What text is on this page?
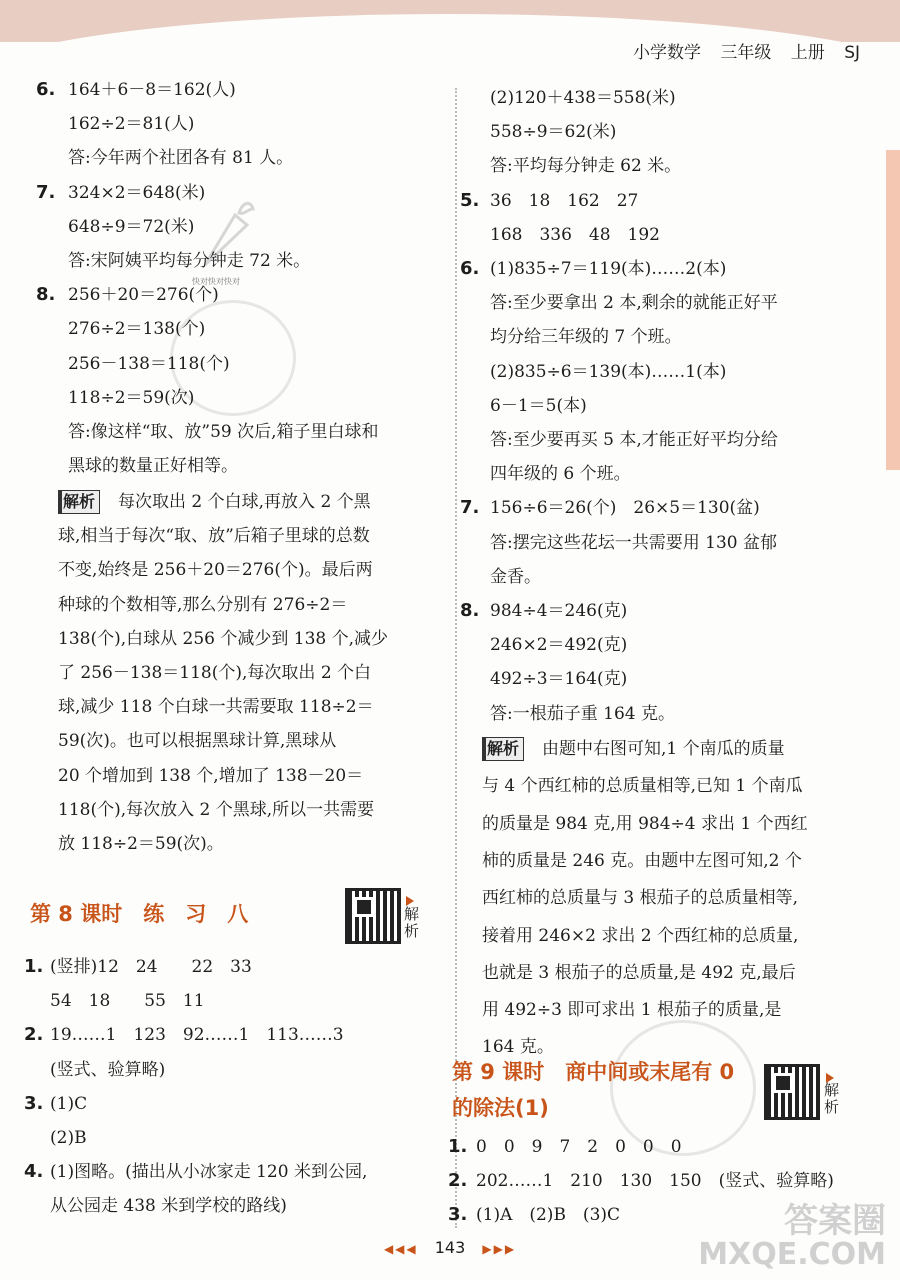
小学数学 三年级 上册 SJ
快对快对快对
6. 164＋6－8＝162(人)
162÷2＝81(人)
答:今年两个社团各有 81 人。
7. 324×2＝648(米)
648÷9＝72(米)
答:宋阿姨平均每分钟走 72 米。
8. 256＋20＝276(个)
276÷2＝138(个)
256－138＝118(个)
118÷2＝59(次)
答:像这样“取、放”59 次后,箱子里白球和
黑球的数量正好相等。
解析 每次取出 2 个白球,再放入 2 个黑
球,相当于每次“取、放”后箱子里球的总数
不变,始终是 256＋20＝276(个)。最后两
种球的个数相等,那么分别有 276÷2＝
138(个),白球从 256 个减少到 138 个,减少
了 256－138＝118(个),每次取出 2 个白
球,减少 118 个白球一共需要取 118÷2＝
59(次)。也可以根据黑球计算,黑球从
20 个增加到 138 个,增加了 138－20＝
118(个),每次放入 2 个黑球,所以一共需要
放 118÷2＝59(次)。
第 8 课时　练　习　八	解析
1. (竖排)12　24　　22　33
54　18　　55　11
2. 19……1　123　92……1　113……3
(竖式、验算略)
3. (1)C
(2)B
4. (1)图略。(描出从小冰家走 120 米到公园,
从公园走 438 米到学校的路线)
(2)120＋438＝558(米)
558÷9＝62(米)
答:平均每分钟走 62 米。
5. 36　18　162　27
168　336　48　192
6. (1)835÷7＝119(本)……2(本)
答:至少要拿出 2 本,剩余的就能正好平
均分给三年级的 7 个班。
(2)835÷6＝139(本)……1(本)
6－1＝5(本)
答:至少要再买 5 本,才能正好平均分给
四年级的 6 个班。
7. 156÷6＝26(个)　26×5＝130(盆)
答:摆完这些花坛一共需要用 130 盆郁
金香。
8. 984÷4＝246(克)
246×2＝492(克)
492÷3＝164(克)
答:一根茄子重 164 克。
解析 由题中右图可知,1 个南瓜的质量
与 4 个西红柿的总质量相等,已知 1 个南瓜
的质量是 984 克,用 984÷4 求出 1 个西红
柿的质量是 246 克。由题中左图可知,2 个
西红柿的总质量与 3 根茄子的总质量相等,
接着用 246×2 求出 2 个西红柿的总质量,
也就是 3 根茄子的总质量,是 492 克,最后
用 492÷3 即可求出 1 根茄子的质量,是
164 克。
第 9 课时　商中间或末尾有 0
的除法(1)
解析
1. 0　0　9　7　2　0　0　0
2. 202……1　210　130　150　(竖式、验算略)
3. (1)A　(2)B　(3)C
◀◀◀ 143 ▶▶▶
答案圈
MXQE.COM
